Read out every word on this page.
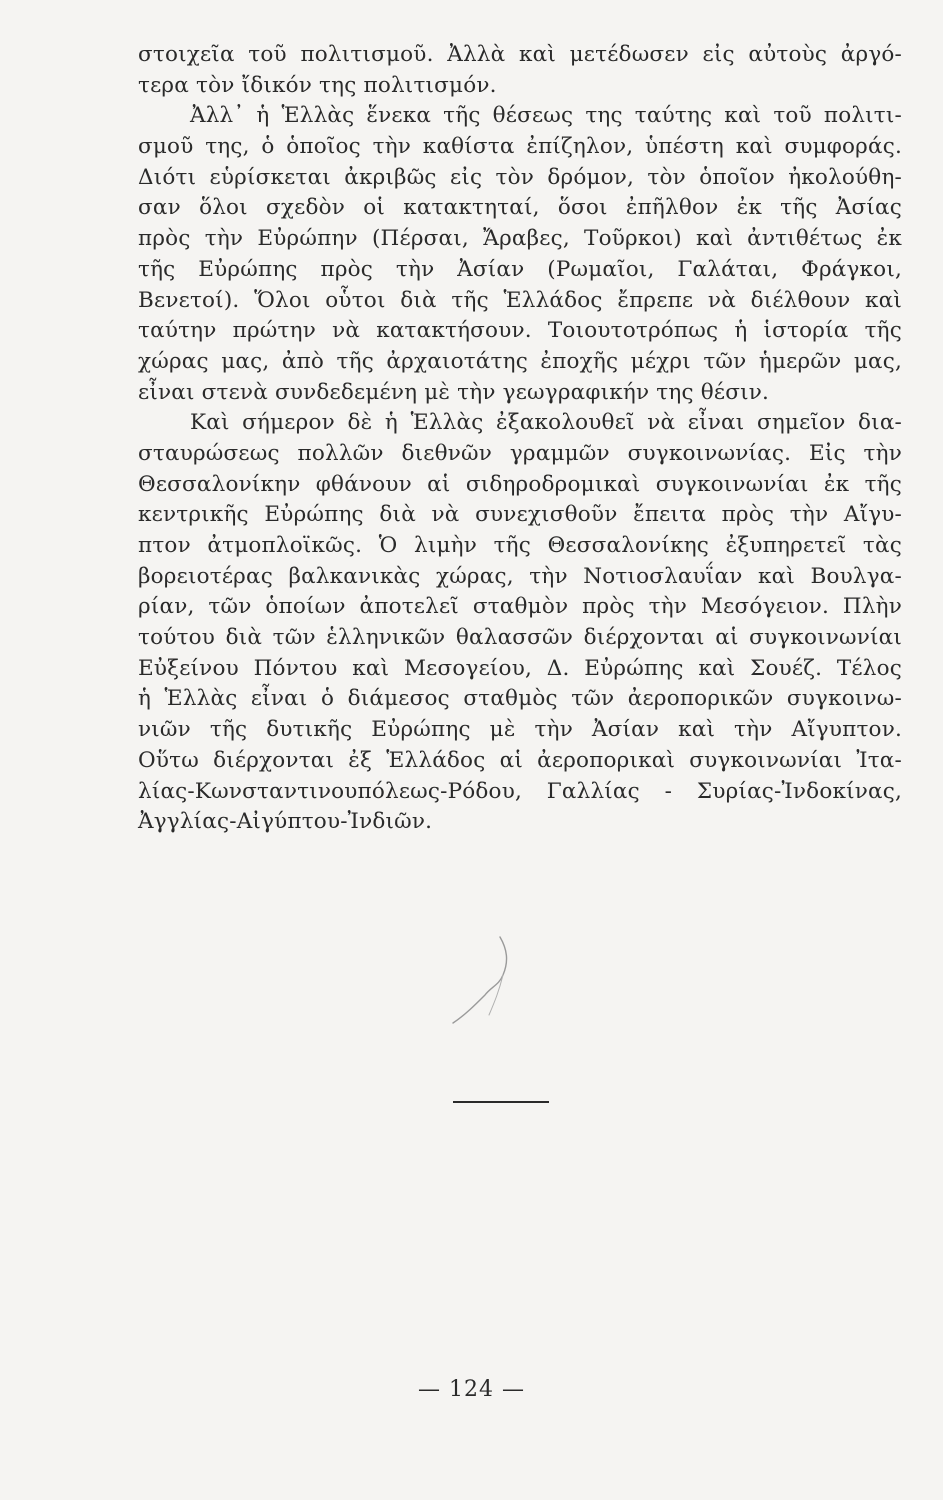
στοιχεῖα τοῦ πολιτισμοῦ. Ἀλλὰ καὶ μετέδωσεν εἰς αὐτοὺς ἀργό-
τερα τὸν ἴδικόν της πολιτισμόν.
Ἀλλ᾿ ἡ Ἑλλὰς ἕνεκα τῆς θέσεως της ταύτης καὶ τοῦ πολιτι-
σμοῦ της, ὁ ὁποῖος τὴν καθίστα ἐπίζηλον, ὑπέστη καὶ συμφοράς.
Διότι εὑρίσκεται ἀκριβῶς εἰς τὸν δρόμον, τὸν ὁποῖον ἠκολούθη-
σαν ὅλοι σχεδὸν οἱ κατακτηταί, ὅσοι ἐπῆλθον ἐκ τῆς Ἀσίας
πρὸς τὴν Εὐρώπην (Πέρσαι, Ἄραβες, Τοῦρκοι) καὶ ἀντιθέτως ἐκ
τῆς Εὐρώπης πρὸς τὴν Ἀσίαν (Ρωμαῖοι, Γαλάται, Φράγκοι,
Βενετοί). Ὅλοι οὗτοι διὰ τῆς Ἑλλάδος ἔπρεπε νὰ διέλθουν καὶ
ταύτην πρώτην νὰ κατακτήσουν. Τοιουτοτρόπως ἡ ἱστορία τῆς
χώρας μας, ἀπὸ τῆς ἀρχαιοτάτης ἐποχῆς μέχρι τῶν ἡμερῶν μας,
εἶναι στενὰ συνδεδεμένη μὲ τὴν γεωγραφικήν της θέσιν.
Καὶ σήμερον δὲ ἡ Ἑλλὰς ἐξακολουθεῖ νὰ εἶναι σημεῖον δια-
σταυρώσεως πολλῶν διεθνῶν γραμμῶν συγκοινωνίας. Εἰς τὴν
Θεσσαλονίκην φθάνουν αἱ σιδηροδρομικαὶ συγκοινωνίαι ἐκ τῆς
κεντρικῆς Εὐρώπης διὰ νὰ συνεχισθοῦν ἔπειτα πρὸς τὴν Αἴγυ-
πτον ἀτμοπλοϊκῶς. Ὁ λιμὴν τῆς Θεσσαλονίκης ἐξυπηρετεῖ τὰς
βορειοτέρας βαλκανικὰς χώρας, τὴν Νοτιοσλαυΐαν καὶ Βουλγα-
ρίαν, τῶν ὁποίων ἀποτελεῖ σταθμὸν πρὸς τὴν Μεσόγειον. Πλὴν
τούτου διὰ τῶν ἑλληνικῶν θαλασσῶν διέρχονται αἱ συγκοινωνίαι
Εὐξείνου Πόντου καὶ Μεσογείου, Δ. Εὐρώπης καὶ Σουέζ. Τέλος
ἡ Ἑλλὰς εἶναι ὁ διάμεσος σταθμὸς τῶν ἀεροπορικῶν συγκοινω-
νιῶν τῆς δυτικῆς Εὐρώπης μὲ τὴν Ἀσίαν καὶ τὴν Αἴγυπτον.
Οὕτω διέρχονται ἐξ Ἑλλάδος αἱ ἀεροπορικαὶ συγκοινωνίαι Ἰτα-
λίας-Κωνσταντινουπόλεως-Ρόδου, Γαλλίας - Συρίας-Ἰνδοκίνας,
Ἀγγλίας-Αἰγύπτου-Ἰνδιῶν.
— 124 —
